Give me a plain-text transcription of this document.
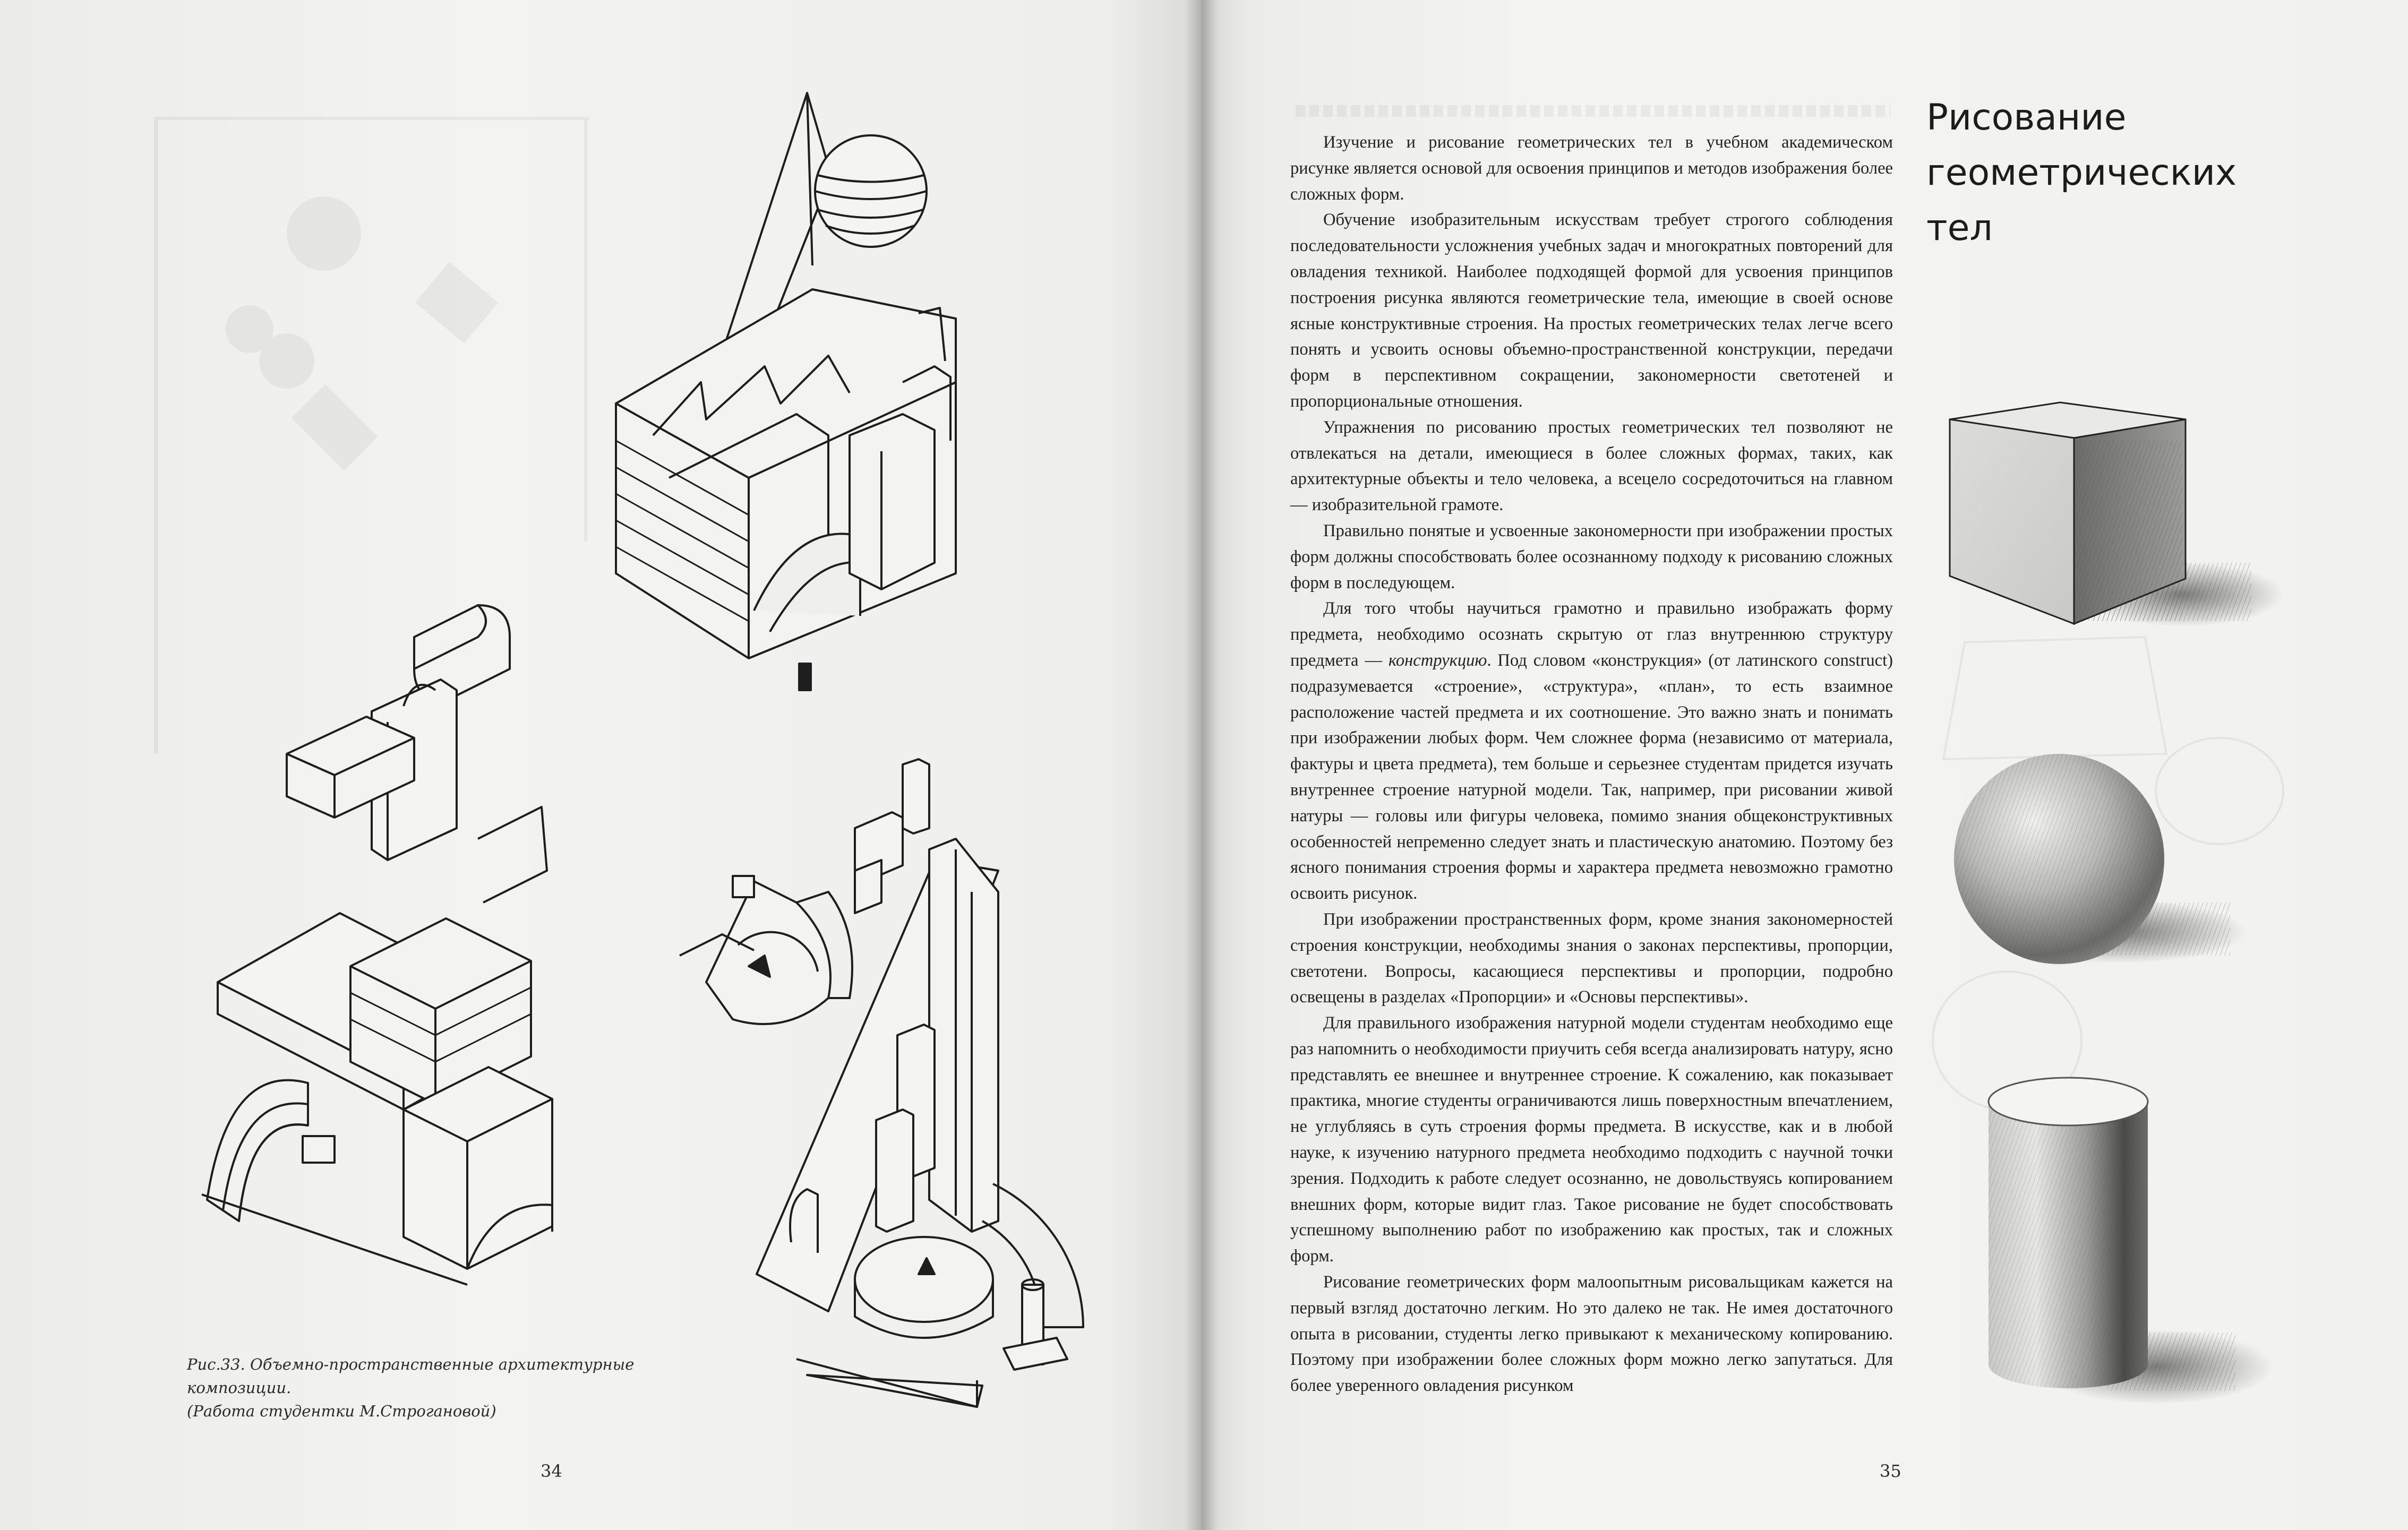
Рис.33. Объемно-пространственные архитектурные композиции.
(Работа студентки М.Строгановой)
34

Изучение и рисование геометрических тел в учебном академическом рисунке является основой для освоения принципов и методов изображения более сложных форм.

Обучение изобразительным искусствам требует строгого соблюдения последовательности усложнения учебных задач и многократных повторений для овладения техникой. Наиболее подходящей формой для усвоения принципов построения рисунка являются геометрические тела, имеющие в своей основе ясные конструктивные строения. На простых геометрических телах легче всего понять и усвоить основы объемно-пространственной конструкции, передачи форм в перспективном сокращении, закономерности светотеней и пропорциональные отношения.

Упражнения по рисованию простых геометрических тел позволяют не отвлекаться на детали, имеющиеся в более сложных формах, таких, как архитектурные объекты и тело человека, а всецело сосредоточиться на главном — изобразительной грамоте.

Правильно понятые и усвоенные закономерности при изображении простых форм должны способствовать более осознанному подходу к рисованию сложных форм в последующем.

Для того чтобы научиться грамотно и правильно изображать форму предмета, необходимо осознать скрытую от глаз внутреннюю структуру предмета — конструкцию. Под словом «конструкция» (от латинского construct) подразумевается «строение», «структура», «план», то есть взаимное расположение частей предмета и их соотношение. Это важно знать и понимать при изображении любых форм. Чем сложнее форма (независимо от материала, фактуры и цвета предмета), тем больше и серьезнее студентам придется изучать внутреннее строение натурной модели. Так, например, при рисовании живой натуры — головы или фигуры человека, помимо знания общеконструктивных особенностей непременно следует знать и пластическую анатомию. Поэтому без ясного понимания строения формы и характера предмета невозможно грамотно освоить рисунок.

При изображении пространственных форм, кроме знания закономерностей строения конструкции, необходимы знания о законах перспективы, пропорции, светотени. Вопросы, касающиеся перспективы и пропорции, подробно освещены в разделах «Пропорции» и «Основы перспективы».

Для правильного изображения натурной модели студентам необходимо еще раз напомнить о необходимости приучить себя всегда анализировать натуру, ясно представлять ее внешнее и внутреннее строение. К сожалению, как показывает практика, многие студенты ограничиваются лишь поверхностным впечатлением, не углубляясь в суть строения формы предмета. В искусстве, как и в любой науке, к изучению натурного предмета необходимо подходить с научной точки зрения. Подходить к работе следует осознанно, не довольствуясь копированием внешних форм, которые видит глаз. Такое рисование не будет способствовать успешному выполнению работ по изображению как простых, так и сложных форм.

Рисование геометрических форм малоопытным рисовальщикам кажется на первый взгляд достаточно легким. Но это далеко не так. Не имея достаточного опыта в рисовании, студенты легко привыкают к механическому копированию. Поэтому при изображении более сложных форм можно легко запутаться. Для более уверенного овладения рисунком

Рисование
геометрических
тел
35
